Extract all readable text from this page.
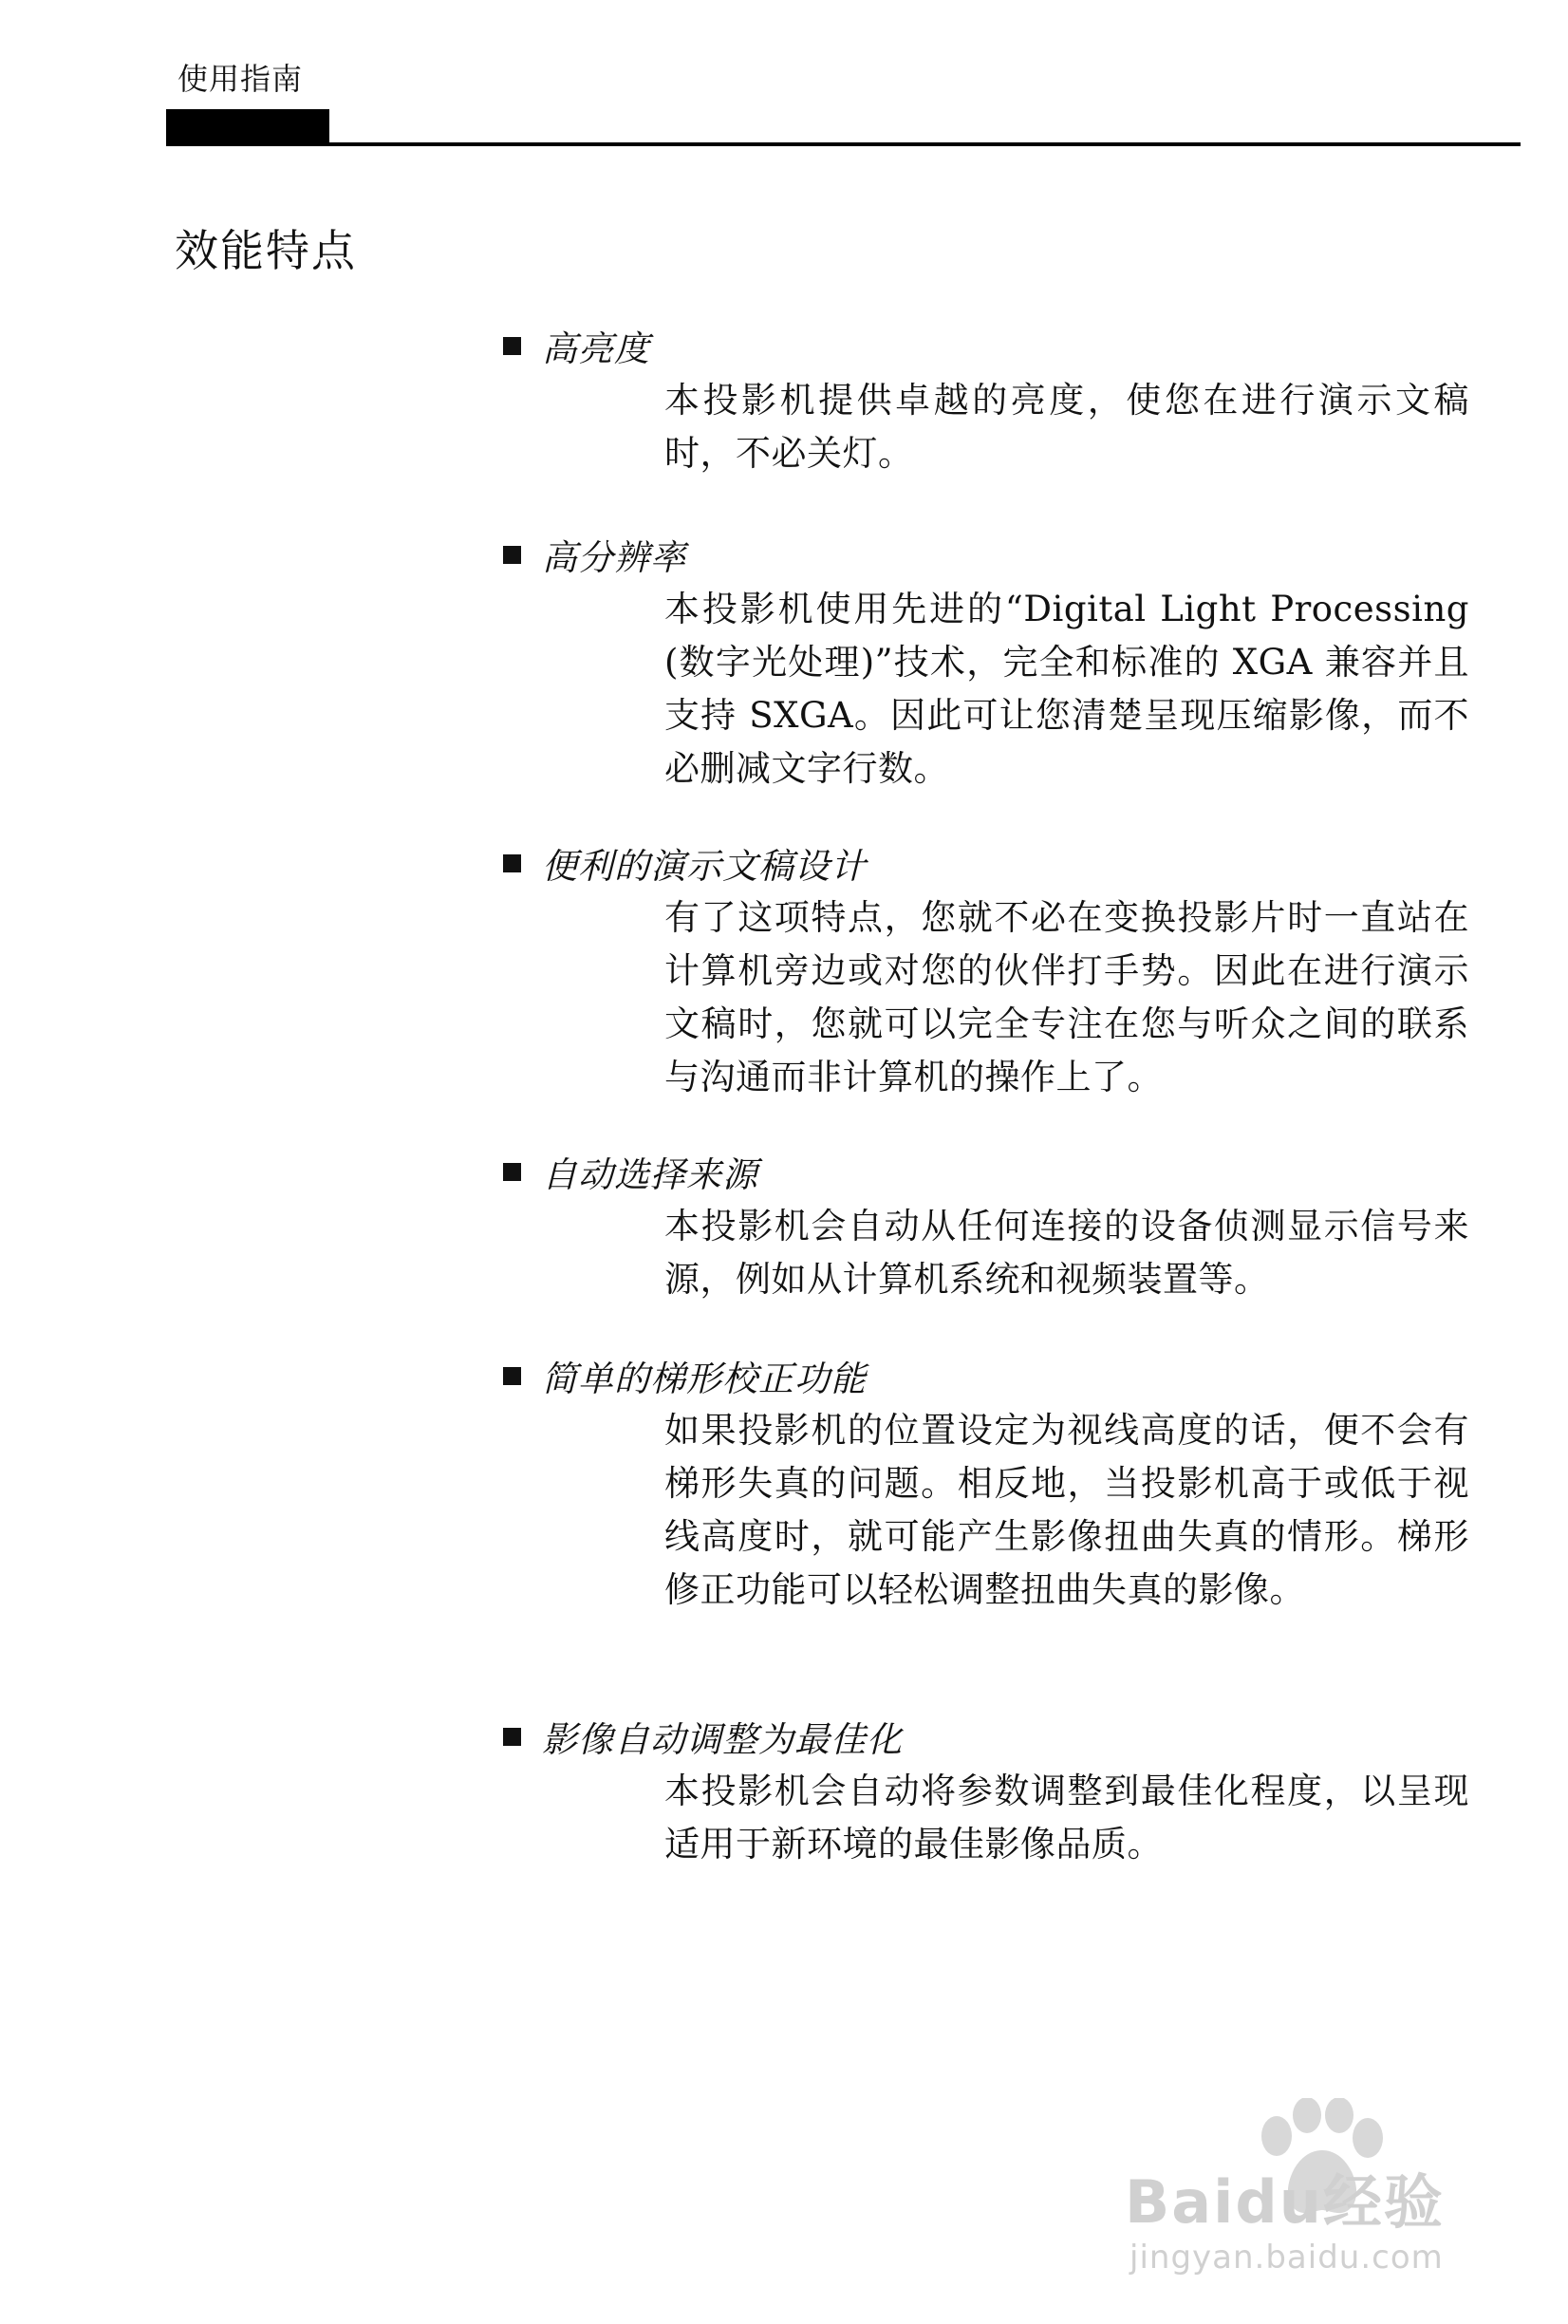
使用指南
效能特点
高亮度
本投影机提供卓越的亮度，使您在进行演示文稿时，不必关灯。
高分辨率
本投影机使用先进的“Digital Light Processing (数字光处理)”技术，完全和标准的 XGA 兼容并且支持 SXGA。因此可让您清楚呈现压缩影像，而不必删减文字行数。
便利的演示文稿设计
有了这项特点，您就不必在变换投影片时一直站在计算机旁边或对您的伙伴打手势。因此在进行演示文稿时，您就可以完全专注在您与听众之间的联系与沟通而非计算机的操作上了。
自动选择来源
本投影机会自动从任何连接的设备侦测显示信号来源，例如从计算机系统和视频装置等。
简单的梯形校正功能
如果投影机的位置设定为视线高度的话，便不会有梯形失真的问题。相反地，当投影机高于或低于视线高度时，就可能产生影像扭曲失真的情形。梯形修正功能可以轻松调整扭曲失真的影像。
影像自动调整为最佳化
本投影机会自动将参数调整到最佳化程度，以呈现适用于新环境的最佳影像品质。
Baidu经验
jingyan.baidu.com
